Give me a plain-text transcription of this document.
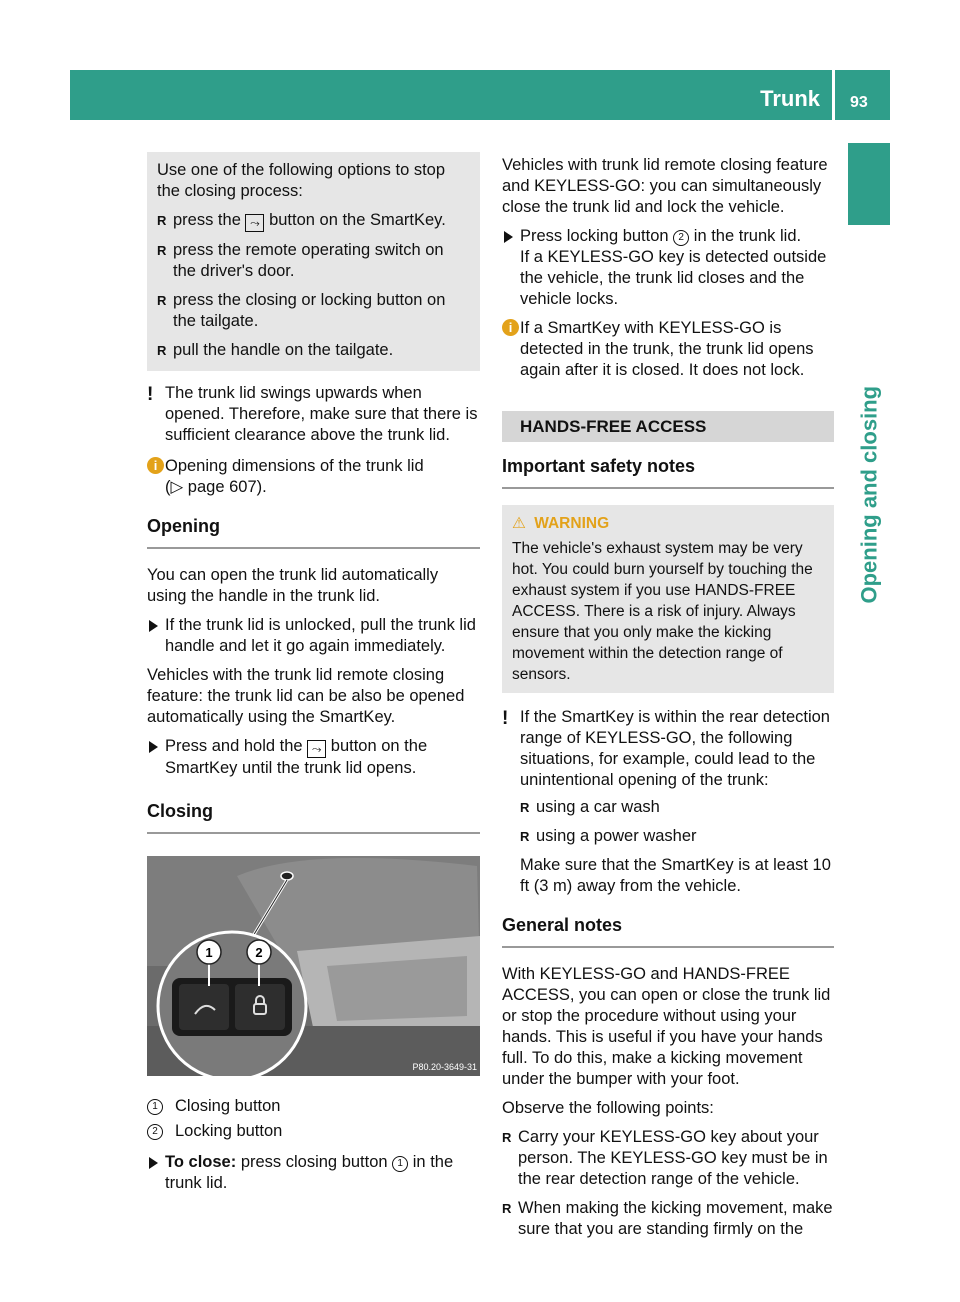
Trunk 93
Opening and closing

Use one of the following options to stop the closing process:

R press the ⤳ button on the SmartKey.
R press the remote operating switch on the driver's door.
R press the closing or locking button on the tailgate.
R pull the handle on the tailgate.
! The trunk lid swings upwards when opened. Therefore, make sure that there is sufficient clearance above the trunk lid.
i Opening dimensions of the trunk lid
(▷ page 607).
Opening

You can open the trunk lid automatically using the handle in the trunk lid.

If the trunk lid is unlocked, pull the trunk lid handle and let it go again immediately.

Vehicles with the trunk lid remote closing feature: the trunk lid can be also be opened automatically using the SmartKey.

Press and hold the ⤳ button on the SmartKey until the trunk lid opens.
Closing
1	2
P80.20-3649-31
1	Closing button
2	Locking button
To close: press closing button 1 in the trunk lid.

Vehicles with trunk lid remote closing feature and KEYLESS-GO: you can simultaneously close the trunk lid and lock the vehicle.

Press locking button 2 in the trunk lid.
If a KEYLESS-GO key is detected outside the vehicle, the trunk lid closes and the vehicle locks.
i If a SmartKey with KEYLESS-GO is detected in the trunk, the trunk lid opens again after it is closed. It does not lock.
HANDS-FREE ACCESS
Important safety notes
⚠ WARNING
The vehicle's exhaust system may be very hot. You could burn yourself by touching the exhaust system if you use HANDS-FREE ACCESS. There is a risk of injury. Always ensure that you only make the kicking movement within the detection range of sensors.
! If the SmartKey is within the rear detection range of KEYLESS-GO, the following situations, for example, could lead to the unintentional opening of the trunk:
R using a car wash
R using a power washer
Make sure that the SmartKey is at least 10 ft (3 m) away from the vehicle.
General notes

With KEYLESS-GO and HANDS-FREE ACCESS, you can open or close the trunk lid or stop the procedure without using your hands. This is useful if you have your hands full. To do this, make a kicking movement under the bumper with your foot.

Observe the following points:

R Carry your KEYLESS-GO key about your person. The KEYLESS-GO key must be in the rear detection range of the vehicle.
R When making the kicking movement, make sure that you are standing firmly on the
